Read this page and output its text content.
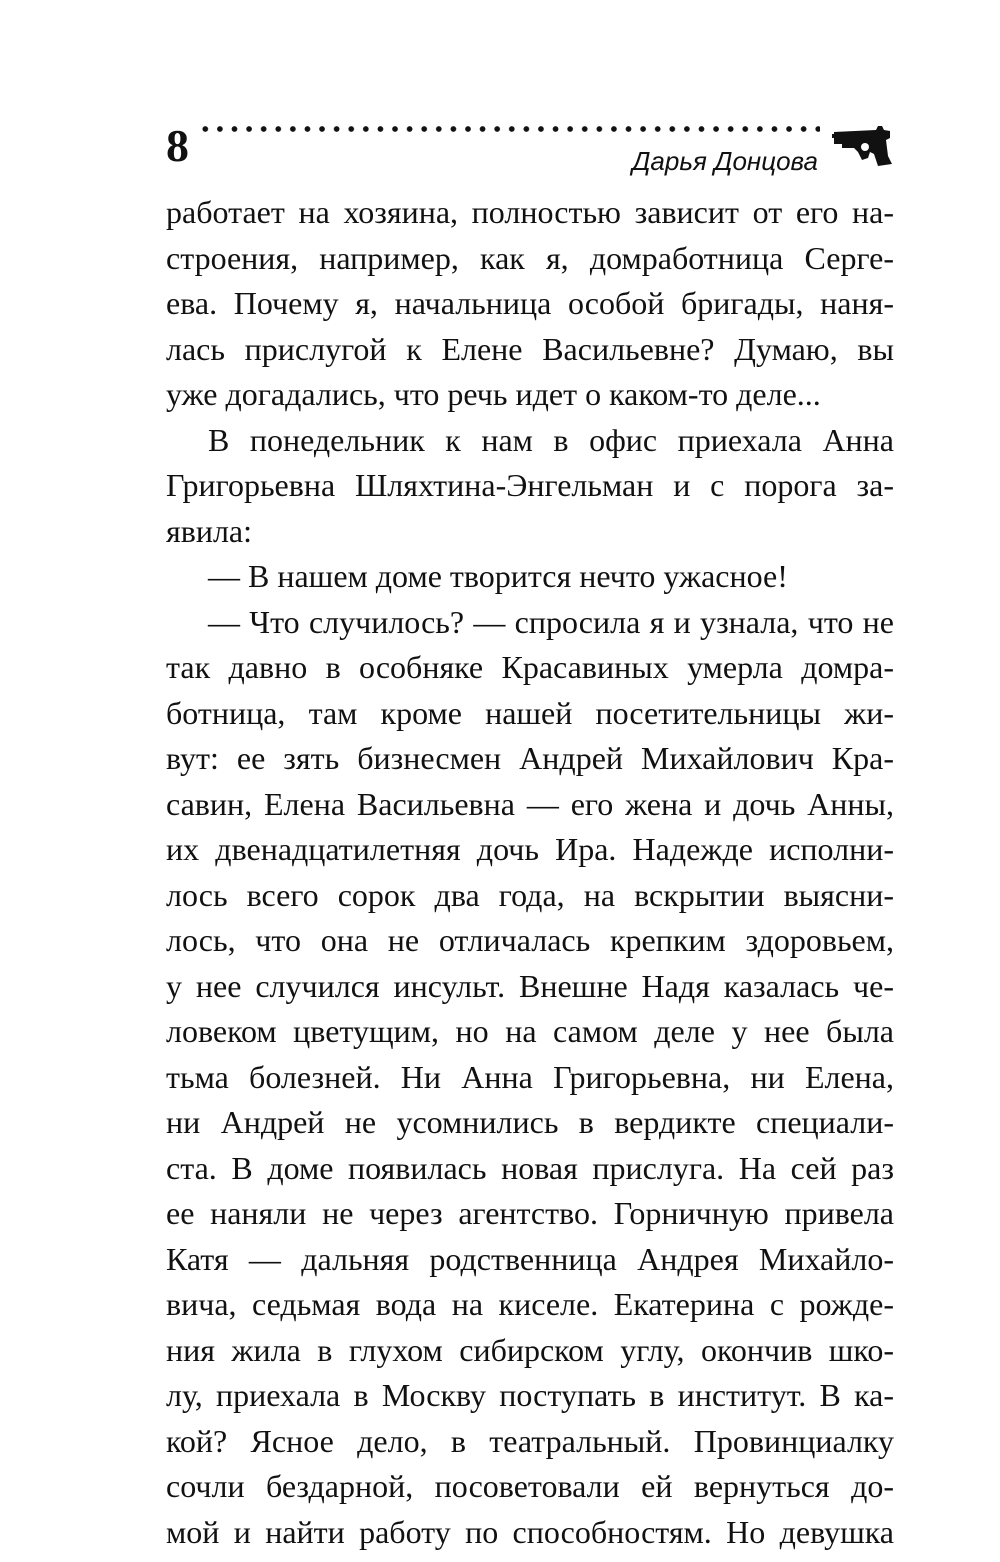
8	Дарья Донцова
работает на хозяина, полностью зависит от его на-
строения, например, как я, домработница Серге-
ева. Почему я, начальница особой бригады, нaня-
лась прислугой к Елене Васильевне? Думаю, вы
уже догадались, что речь идет о каком-то деле...
В понедельник к нам в офис приехала Анна
Григорьевна Шляхтина-Энгельман и с порога за-
явила:
— В нашем доме творится нечто ужасное!
— Что случилось? — спросила я и узнала, что не
так давно в особняке Красавиных умерла домра-
ботница, там кроме нашей посетительницы жи-
вут: ее зять бизнесмен Андрей Михайлович Кра-
савин, Елена Васильевна — его жена и дочь Анны,
их двенадцатилетняя дочь Ира. Надежде исполни-
лось всего сорок два года, на вскрытии выясни-
лось, что она не отличалась крепким здоровьем,
у нее случился инсульт. Внешне Надя казалась че-
ловеком цветущим, но на самом деле у нее была
тьма болезней. Ни Анна Григорьевна, ни Елена,
ни Андрей не усомнились в вердикте специали-
ста. В доме появилась новая прислуга. На сей раз
ее наняли не через агентство. Горничную привела
Катя — дальняя родственница Андрея Михайло-
вича, седьмая вода на киселе. Екатерина с рожде-
ния жила в глухом сибирском углу, окончив шко-
лу, приехала в Москву поступать в институт. В ка-
кой? Ясное дело, в театральный. Провинциалку
сочли бездарной, посоветовали ей вернуться до-
мой и найти работу по способностям. Но девушка
